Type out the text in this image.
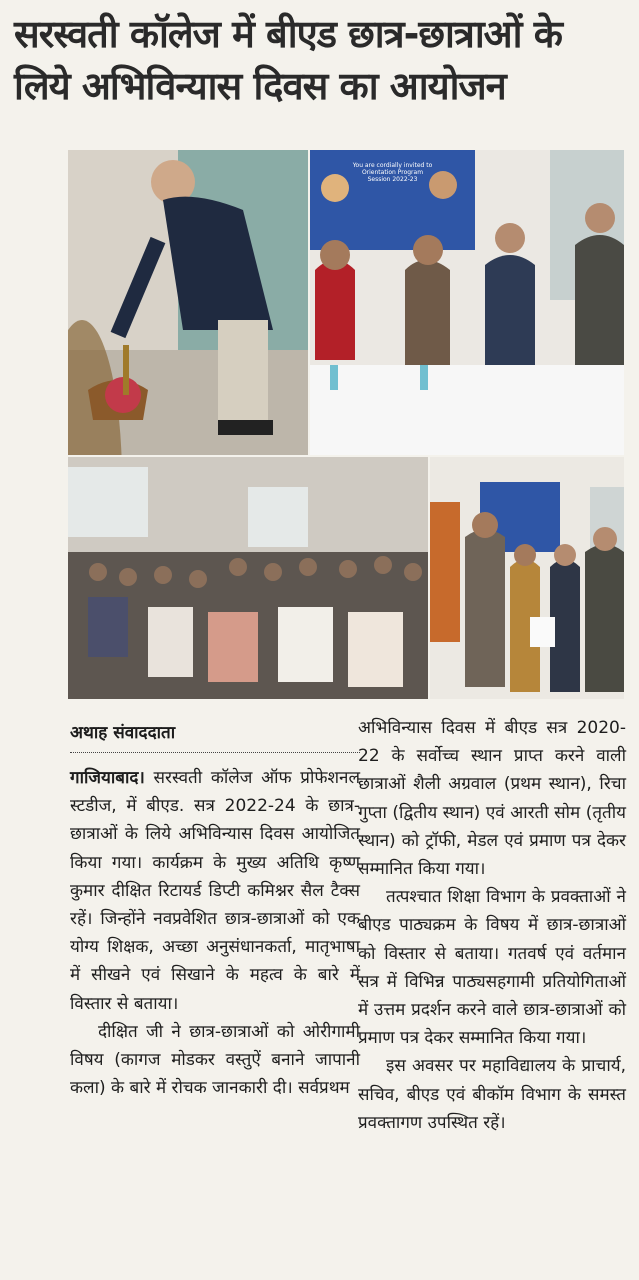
सरस्वती कॉलेज में बीएड छात्र-छात्राओं के लिये अभिविन्यास दिवस का आयोजन
You are cordially invited to Orientation Program Session 2022-23
अथाह संवाददाता

गाजियाबाद। सरस्वती कॉलेज ऑफ प्रोफेशनल स्टडीज, में बीएड. सत्र 2022-24 के छात्र-छात्राओं के लिये अभिविन्यास दिवस आयोजित किया गया। कार्यक्रम के मुख्य अतिथि कृष्ण कुमार दीक्षित रिटायर्ड डिप्टी कमिश्नर सैल टैक्स रहें। जिन्होंने नवप्रवेशित छात्र-छात्राओं को एक योग्य शिक्षक, अच्छा अनुसंधानकर्ता, मातृभाषा में सीखने एवं सिखाने के महत्व के बारे में विस्तार से बताया।

दीक्षित जी ने छात्र-छात्राओं को ओरीगामी विषय (कागज मोडकर वस्तुऐं बनाने जापानी कला) के बारे में रोचक जानकारी दी। सर्वप्रथम

अभिविन्यास दिवस में बीएड सत्र 2020-22 के सर्वोच्च स्थान प्राप्त करने वाली छात्राओं शैली अग्रवाल (प्रथम स्थान), रिचा गुप्ता (द्वितीय स्थान) एवं आरती सोम (तृतीय स्थान) को ट्रॉफी, मेडल एवं प्रमाण पत्र देकर सम्मानित किया गया।

तत्पश्चात शिक्षा विभाग के प्रवक्ताओं ने बीएड पाठ्यक्रम के विषय में छात्र-छात्राओं को विस्तार से बताया। गतवर्ष एवं वर्तमान सत्र में विभिन्न पाठ्यसहगामी प्रतियोगिताओं में उत्तम प्रदर्शन करने वाले छात्र-छात्राओं को प्रमाण पत्र देकर सम्मानित किया गया।

इस अवसर पर महाविद्यालय के प्राचार्य, सचिव, बीएड एवं बीकॉम विभाग के समस्त प्रवक्तागण उपस्थित रहें।
